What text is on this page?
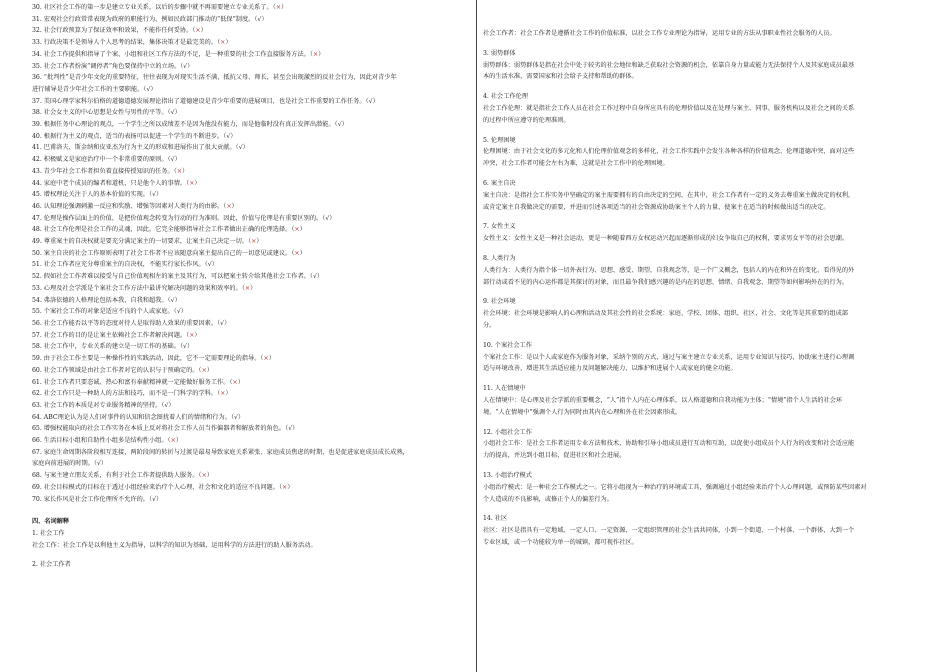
30. 社区社会工作的第一步是建立专业关系，以后的步骤中就不再需要建立专业关系了。（×）
31. 宏观社会行政常常表现为政府的职能行为，例如民政部门推动的“低保”制度。（√）
32. 社会行政预算为了保证效率和效果，不能作任何妥协。（×）
33. 行政决策不是领导人个人思考的结果，集体决策才是最完美的。（×）
34. 社会工作提供和指导了个案、小组和社区工作方法的不足，是一种重要的社会工作直接服务方法。（×）
35. 社会工作者扮演“调停者”角色要保持中立的立场。（√）
36. “批判性”是青少年文化的重要特征，往往表现为对现实生活不满，抵抗父母、师长，甚至会出现激烈的反社会行为，因此对青少年
进行辅导是青少年社会工作的主要职能。（√）
37. 美国心理学家科尔伯格的道德道德发展理论指出了道德建设是青少年重要的进展项目，也是社会工作重要的工作任务。（√）
38. 社会女主义的中心思想是女性与男性的平等。（√）
39. 根据任务中心理论的观点，一个学生之所以成绩差不是因为他没有能力，而是他临时没有真正发挥出潜能。（√）
40. 根据行为主义的观点，适当的表扬可以促进一个学生的不断进步。（√）
41. 巴甫洛夫、斯金纳和皮亚杰为行为主义的形成和进展作出了很大贡献。（√）
42. 积极赋义是家庭治疗中一个非常重要的原则。（√）
43. 青少年社会工作者担负着直接传授知识的任务。（×）
44. 家庭中老个成员的编者和道机，只是他个人的事情。（×）
45. 增权理论关注于人的基本价值的实现。（√）
46. 认知理论强调刺激一反应和奖励、增强等因素对人类行为的由影。（×）
47. 伦理是操作层面上的价值，是把价值观念转变为行动的行为准则。因此，价值与伦理是有重要区别的。（√）
48. 社会工作伦理是社会工作的灵魂，因此，它完全能够指导社会工作者做出正确的伦理选择。（×）
49. 尊重案主的自决权就是要充分满足案主的一切要求，让案主自己决定一切。（×）
50. 案主自决的社会工作原则表明了社会工作者不应该随意向案主提出自己的一切意见或建议。（×）
51. 社会工作者应充分尊重案主的自决权，不能实行家长作风。（√）
52. 假如社会工作者难以接受与自己价值观相左的案主及其行为，可以把案主转介给其他社会工作者。（√）
53. 心理及社会学派是个案社会工作方法中最讲究解决问题的效果和效率的。（×）
54. 弗洛依德的人格理论包括本我、自我和超我。（√）
55. 个案社会工作的对象是适应不良的个人或家庭。（√）
56. 社会工作能否以平等的态度对待人是取得助人效果的重要因素。（√）
57. 社会工作的目的是让案主依赖社会工作者解决问题。（×）
58. 社会工作中，专业关系的建立是一切工作的基础。（√）
59. 由于社会工作主要是一种操作性的实践活动，因此，它不一定需要理论的指导。（×）
60. 社会工作领域是由社会工作者对它的认识与于预确定的。（×）
61. 社会工作者只要态诚、热心和富有奉献精神就一定能做好服务工作。（×）
62. 社会工作只是一种助人的方法和技巧，而不是一门科学的学科。（×）
63. 社会工作的本质是对专业服务精神的坚持。（√）
64. ABC理论认为是人们对事件的认知和信念图扰着人们的情绪和行为。（√）
65. 增强权能取向的社会工作实务在本质上反对将社会工作人员当作偏器者和解放者的角色。（√）
66. 生活目标小组和自助性小组多是结构性小组。（×）
67. 家庭生命周期各阶段相互连接，两阶段间的转折与过渡是最易导致家庭关系紧张、家庭成员焦虑的时期，也是促进家庭成员成长成熟，
家庭向前进展的时期。（√）
68. 与案主建立朋友关系，有利于社会工作者提供助人服务。（×）
69. 社会目标模式的目标在于透过小组经验来治疗个人心理、社会和文化的适应不良问题。（×）
70. 家长作风是社会工作伦理所不允许的。（√）
四、名词解释
1. 社会工作
社会工作：社会工作是以利他主义为指导，以科学的知识为基础，运用科学的方法进行的助人服务活动。
2. 社会工作者
社会工作者：社会工作者是遵循社会工作的价值标准，以社会工作专业理论为指导，运用专业的方法从事职业性社会服务的人员。
3. 弱势群体
弱势群体：弱势群体是指在社会中处于较劣的社会地位和缺乏获取社会资源的机会，依靠自身力量或能力无法保持个人及其家庭成员最基
本的生活水准，需要国家和社会给予支持和帮助的群体。
4. 社会工作伦理
社会工作伦理：就是指社会工作人员在社会工作过程中自身所应具有的伦理价值以及在处理与案主、同事、服务机构以及社会之间的关系
的过程中所应遵守的伦理准则。
5. 伦理困境
伦理困境：由于社会文化的多元化和人们伦理价值观念的多样化，社会工作实践中会发生各种各样的价值观念、伦理道德冲突，面对这些
冲突，社会工作者可能会左右为难，这就是社会工作中的伦理困境。
6. 案主自决
案主自决：是指社会工作实务中坚确定的案主需要拥有的自由决定的空间，在其中，社会工作者有一定的义务去尊重案主做决定的权利，
或肯定案主自我做决定的需要，并进而引述各项适当的社会资源成协助案主个人的力量，使案主在适当的时候做出适当的决定。
7. 女性主义
女性主义：女性主义是一种社会运动，更是一种随着西方女权运动兴起而逐渐形成的妇女争取自己的权利，要求男女平等的社会思潮。
8. 人类行为
人类行为：人类行为指个体一切外表行为、思想、感受、期望，自我观念等，是一个广义概念，包括人的内在和外在的变化，看得见的外
部行动或看不见的内心运作都是其探讨的对象，而且最争我们感兴趣的是内在的思想、情绪、自我观念、期望等如何影响外在的行为。
9. 社会环境
社会环境：社会环境是影响人的心理和活动及其社会性的社会系统：家庭、学校、团体、组织、社区、社会、文化等是其重要的组成部
分。
10. 个案社会工作
个案社会工作：是以个人或家庭作为服务对象，采纳个别的方式，通过与案主建立专业关系，运用专业知识与技巧，协助案主进行心理调
适与环境改善，增进其生活适应能力及问题解决能力，以维护和进展个人或家庭的健全功能。
11. 人在情境中
人在情境中：是心理及社会学派的重要概念，“人”指个人内在心理体系，以人格道德和自我功能为主体；“情境”指个人生活的社会环
境。“人在情境中”强调个人行为同时由其内在心理和外在社会因素形成。
12. 小组社会工作
小组社会工作：是社会工作者运用专业方法和技术，协助和引导小组成员进行互动和互助，以促使小组成员个人行为的改变和社会适应能
力的提高，并达到小组目标，促进社区和社会进展。
13. 小组治疗模式
小组治疗模式：是一种社会工作模式之一。它将小组视为一种治疗的环境或工具，强调通过小组经验来治疗个人心理问题，或预防某些因素对
个人造成的不良影响，或修正个人的偏差行为。
14. 社区
社区：社区是指具有一定地域、一定人口、一定资源、一定组织管理的社会生活共同体，小到一个街道、一个村落、一个群体，大到一个
专业区域，或一个功能较为单一的城镇，都可视作社区。
